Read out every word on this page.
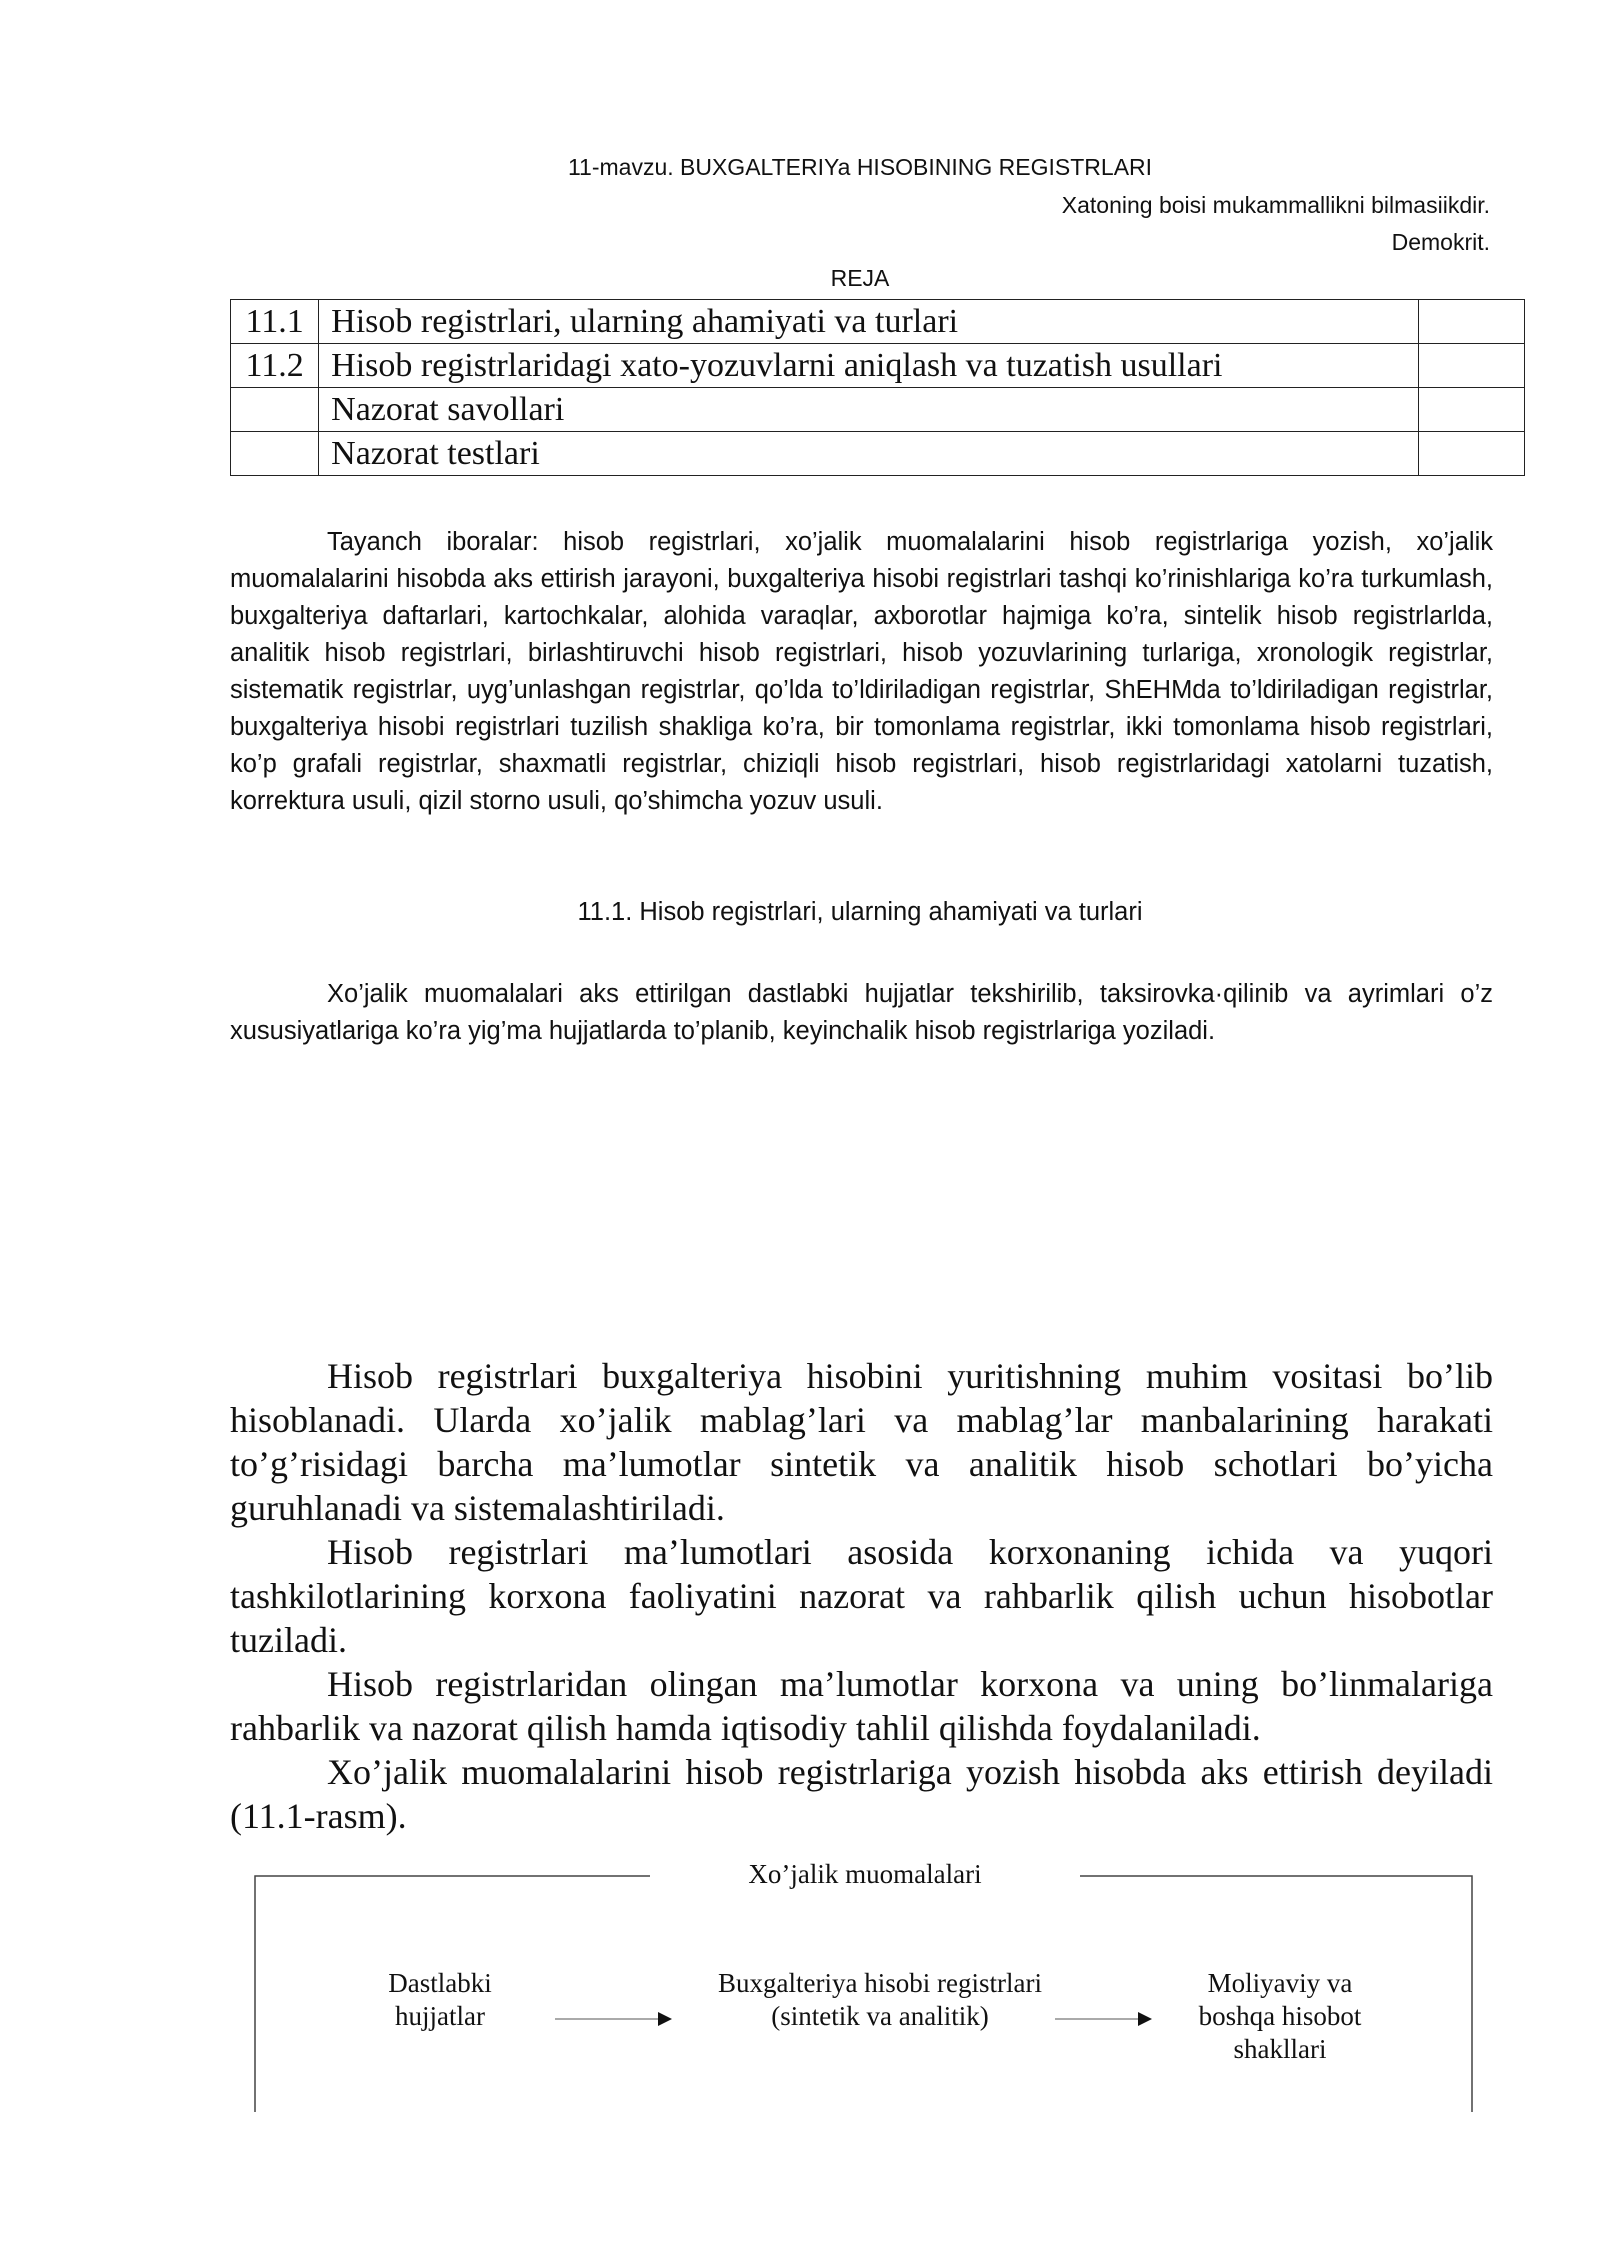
11-mavzu. BUXGALTERIYa HISOBINING REGISTRLARI
Xatoning boisi mukammallikni bilmasiikdir.
Demokrit.
REJA
11.1	Hisob registrlari, ularning ahamiyati va turlari	
11.2	Hisob registrlaridagi xato-yozuvlarni aniqlash va tuzatish usullari	
	Nazorat savollari	
	Nazorat testlari	
Tayanch iboralar: hisob registrlari, xo’jalik muomalalarini hisob registrlariga yozish, xo’jalik muomalalarini hisobda aks ettirish jarayoni, buxgalteriya hisobi registrlari tashqi ko’rinishlariga ko’ra turkumlash, buxgalteriya daftarlari, kartochkalar, alohida varaqlar, axborotlar hajmiga ko’ra, sintelik hisob registrlarlda, analitik hisob registrlari, birlashtiruvchi hisob registrlari, hisob yozuvlarining turlariga, xronologik registrlar, sistematik registrlar, uyg’unlashgan registrlar, qo’lda to’ldiriladigan registrlar, ShEHMda to’ldiriladigan registrlar, buxgalteriya hisobi registrlari tuzilish shakliga ko’ra, bir tomonlama registrlar, ikki tomonlama hisob registrlari, ko’p grafali registrlar, shaxmatli registrlar, chiziqli hisob registrlari, hisob registrlaridagi xatolarni tuzatish, korrektura usuli, qizil storno usuli, qo’shimcha yozuv usuli.
11.1. Hisob registrlari, ularning ahamiyati va turlari
Xo’jalik muomalalari aks ettirilgan dastlabki hujjatlar tekshirilib, taksirovka·qilinib va ayrimlari o’z xususiyatlariga ko’ra yig’ma hujjatlarda to’planib, keyinchalik hisob registrlariga yoziladi.
Hisob registrlari buxgalteriya hisobini yuritishning muhim vositasi bo’lib hisoblanadi. Ularda xo’jalik mablag’lari va mablag’lar manbalarining harakati to’g’risidagi barcha ma’lumotlar sintetik va analitik hisob schotlari bo’yicha guruhlanadi va sistemalashtiriladi.
Hisob registrlari ma’lumotlari asosida korxonaning ichida va yuqori tashkilotlarining korxona faoliyatini nazorat va rahbarlik qilish uchun hisobotlar tuziladi.
Hisob registrlaridan olingan ma’lumotlar korxona va uning bo’linmalariga rahbarlik va nazorat qilish hamda iqtisodiy tahlil qilishda foydalaniladi.
Xo’jalik muomalalarini hisob registrlariga yozish hisobda aks ettirish deyiladi (11.1-rasm).
Xo’jalik muomalalari
Dastlabki
hujjatlar
Buxgalteriya hisobi registrlari
(sintetik va analitik)
Moliyaviy va
boshqa hisobot
shakllari
